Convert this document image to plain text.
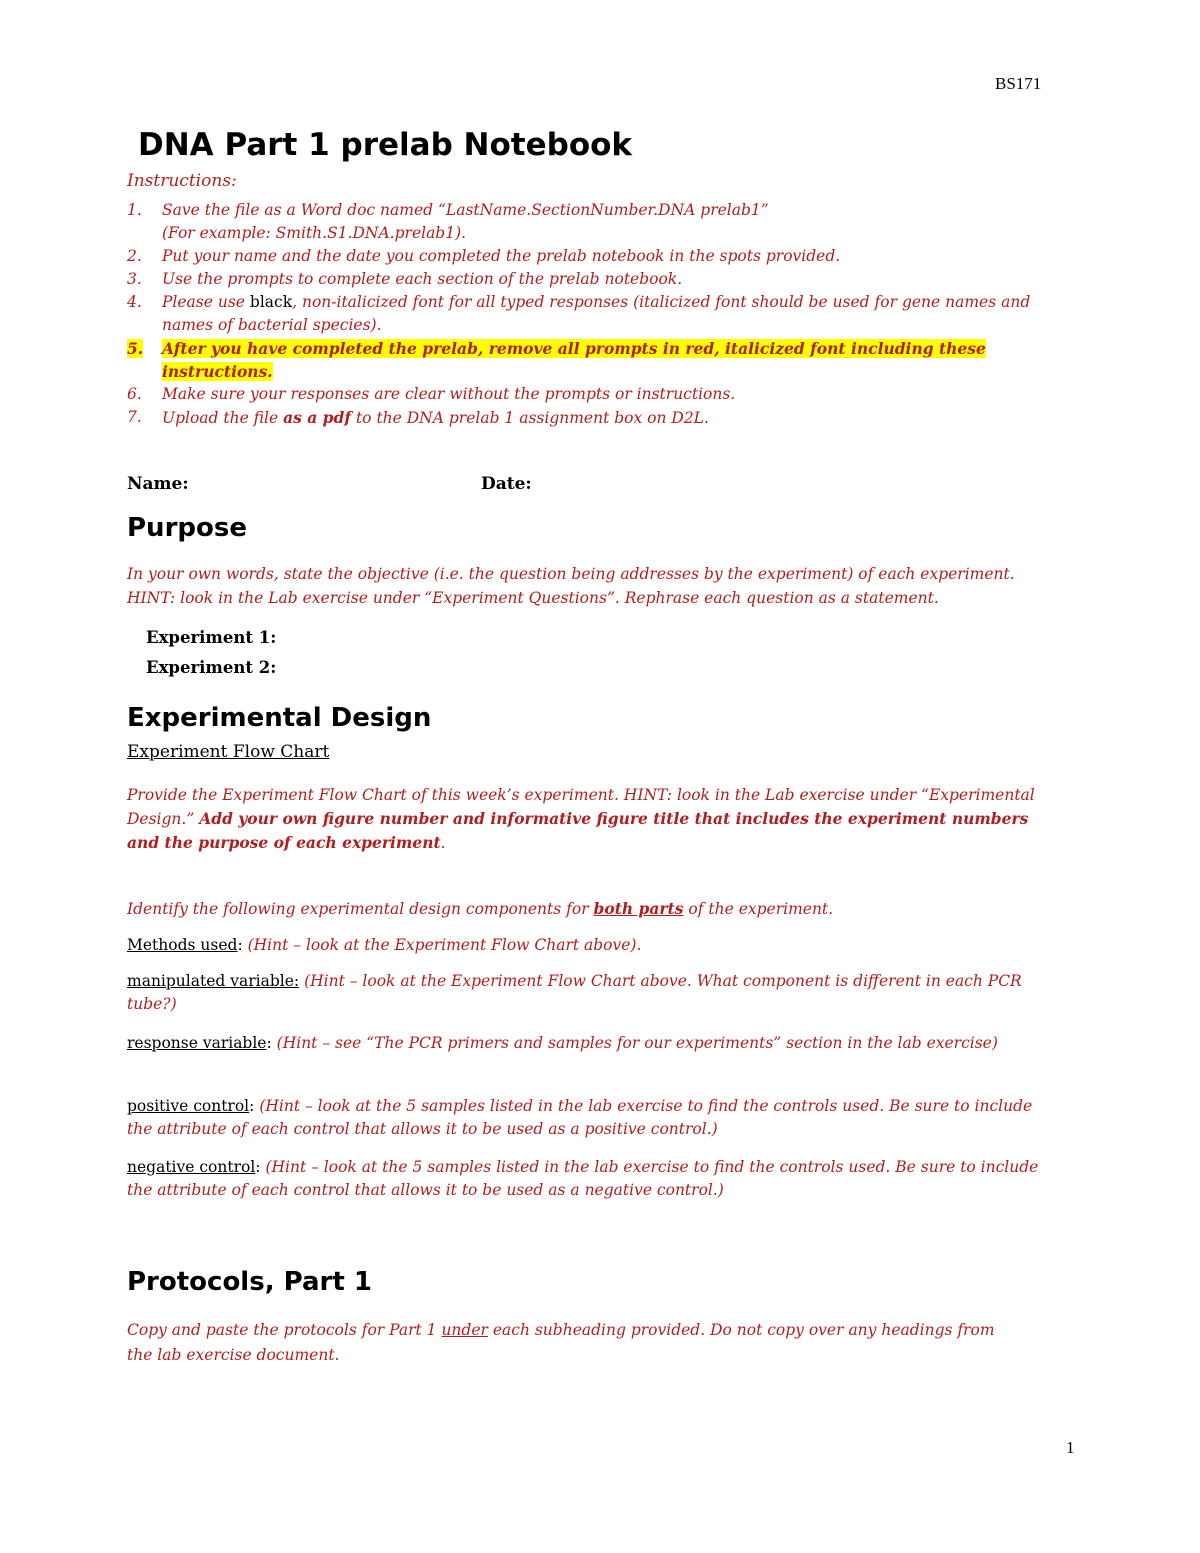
BS171
DNA Part 1 prelab Notebook
Instructions:
1.	Save the file as a Word doc named “LastName.SectionNumber.DNA prelab1”
(For example: Smith.S1.DNA.prelab1).
2.	Put your name and the date you completed the prelab notebook in the spots provided.
3.	Use the prompts to complete each section of the prelab notebook.
4.	Please use black, non-italicized font for all typed responses (italicized font should be used for gene names and
names of bacterial species).
5.	After you have completed the prelab, remove all prompts in red, italicized font including these
instructions.
6.	Make sure your responses are clear without the prompts or instructions.
7.	Upload the file as a pdf to the DNA prelab 1 assignment box on D2L.
Name:	Date:
Purpose
In your own words, state the objective (i.e. the question being addresses by the experiment) of each experiment.
HINT: look in the Lab exercise under “Experiment Questions”. Rephrase each question as a statement.
Experiment 1:
Experiment 2:
Experimental Design
Experiment Flow Chart
Provide the Experiment Flow Chart of this week’s experiment. HINT: look in the Lab exercise under “Experimental
Design.” Add your own figure number and informative figure title that includes the experiment numbers
and the purpose of each experiment.
Identify the following experimental design components for both parts of the experiment.
Methods used: (Hint – look at the Experiment Flow Chart above).
manipulated variable: (Hint – look at the Experiment Flow Chart above. What component is different in each PCR
tube?)
response variable: (Hint – see “The PCR primers and samples for our experiments” section in the lab exercise)
positive control: (Hint – look at the 5 samples listed in the lab exercise to find the controls used. Be sure to include
the attribute of each control that allows it to be used as a positive control.)
negative control: (Hint – look at the 5 samples listed in the lab exercise to find the controls used. Be sure to include
the attribute of each control that allows it to be used as a negative control.)
Protocols, Part 1
Copy and paste the protocols for Part 1 under each subheading provided. Do not copy over any headings from
the lab exercise document.
1
